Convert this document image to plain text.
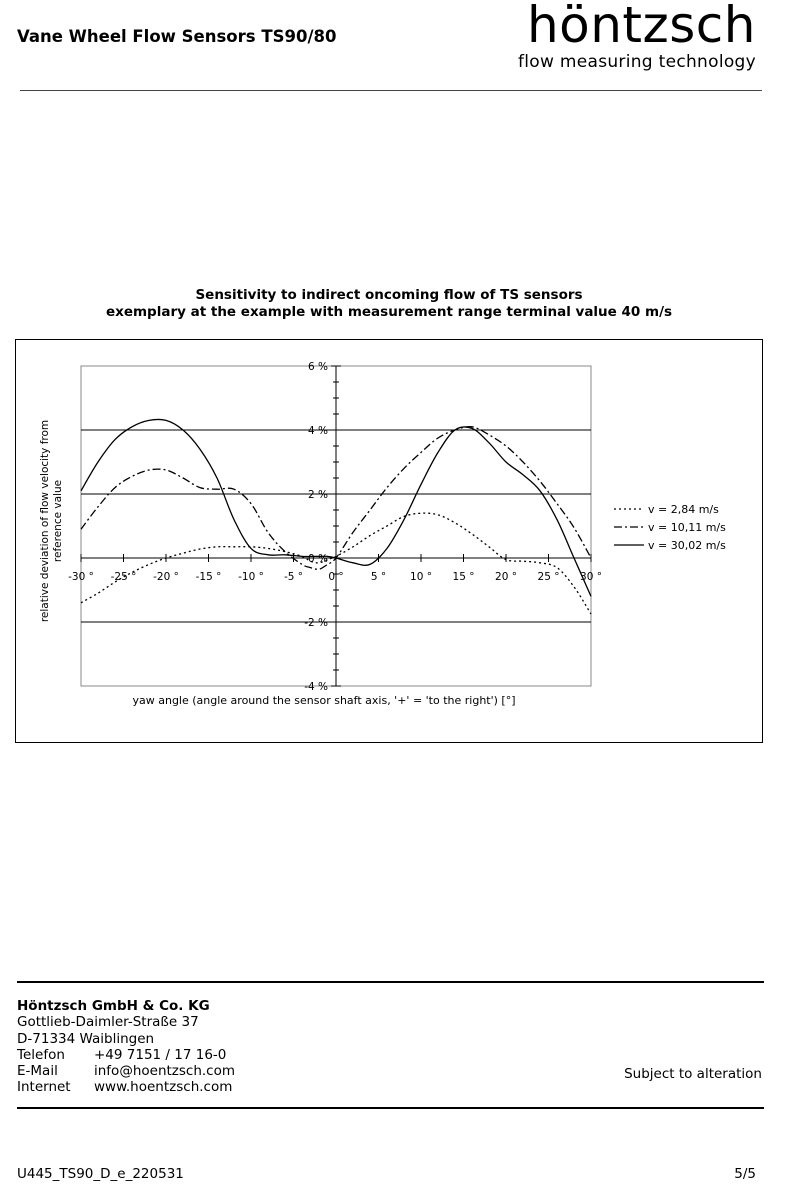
Vane Wheel Flow Sensors TS90/80	höntzsch
flow measuring technology
Sensitivity to indirect oncoming flow of TS sensors
exemplary at the example with measurement range terminal value 40 m/s
-4 %
-2 %
0 %
2 %
4 %
6 %
-30 ° -25 ° -20 ° -15 ° -10 ° -5 ° 0 °	5 ° 10 ° 15 ° 20 ° 25 ° 30 °
yaw angle (angle around the sensor shaft axis, '+' = 'to the right') [°]
relative deviation of flow velocity from reference value	v = 2,84 m/s
v = 10,11 m/s
v = 30,02 m/s
Höntzsch GmbH & Co. KG
Gottlieb-Daimler-Straße 37
D-71334 Waiblingen
Telefon	+49 7151 / 17 16-0
E-Mail	info@hoentzsch.com
Internet	www.hoentzsch.com
Subject to alteration
U445_TS90_D_e_220531	5/5
